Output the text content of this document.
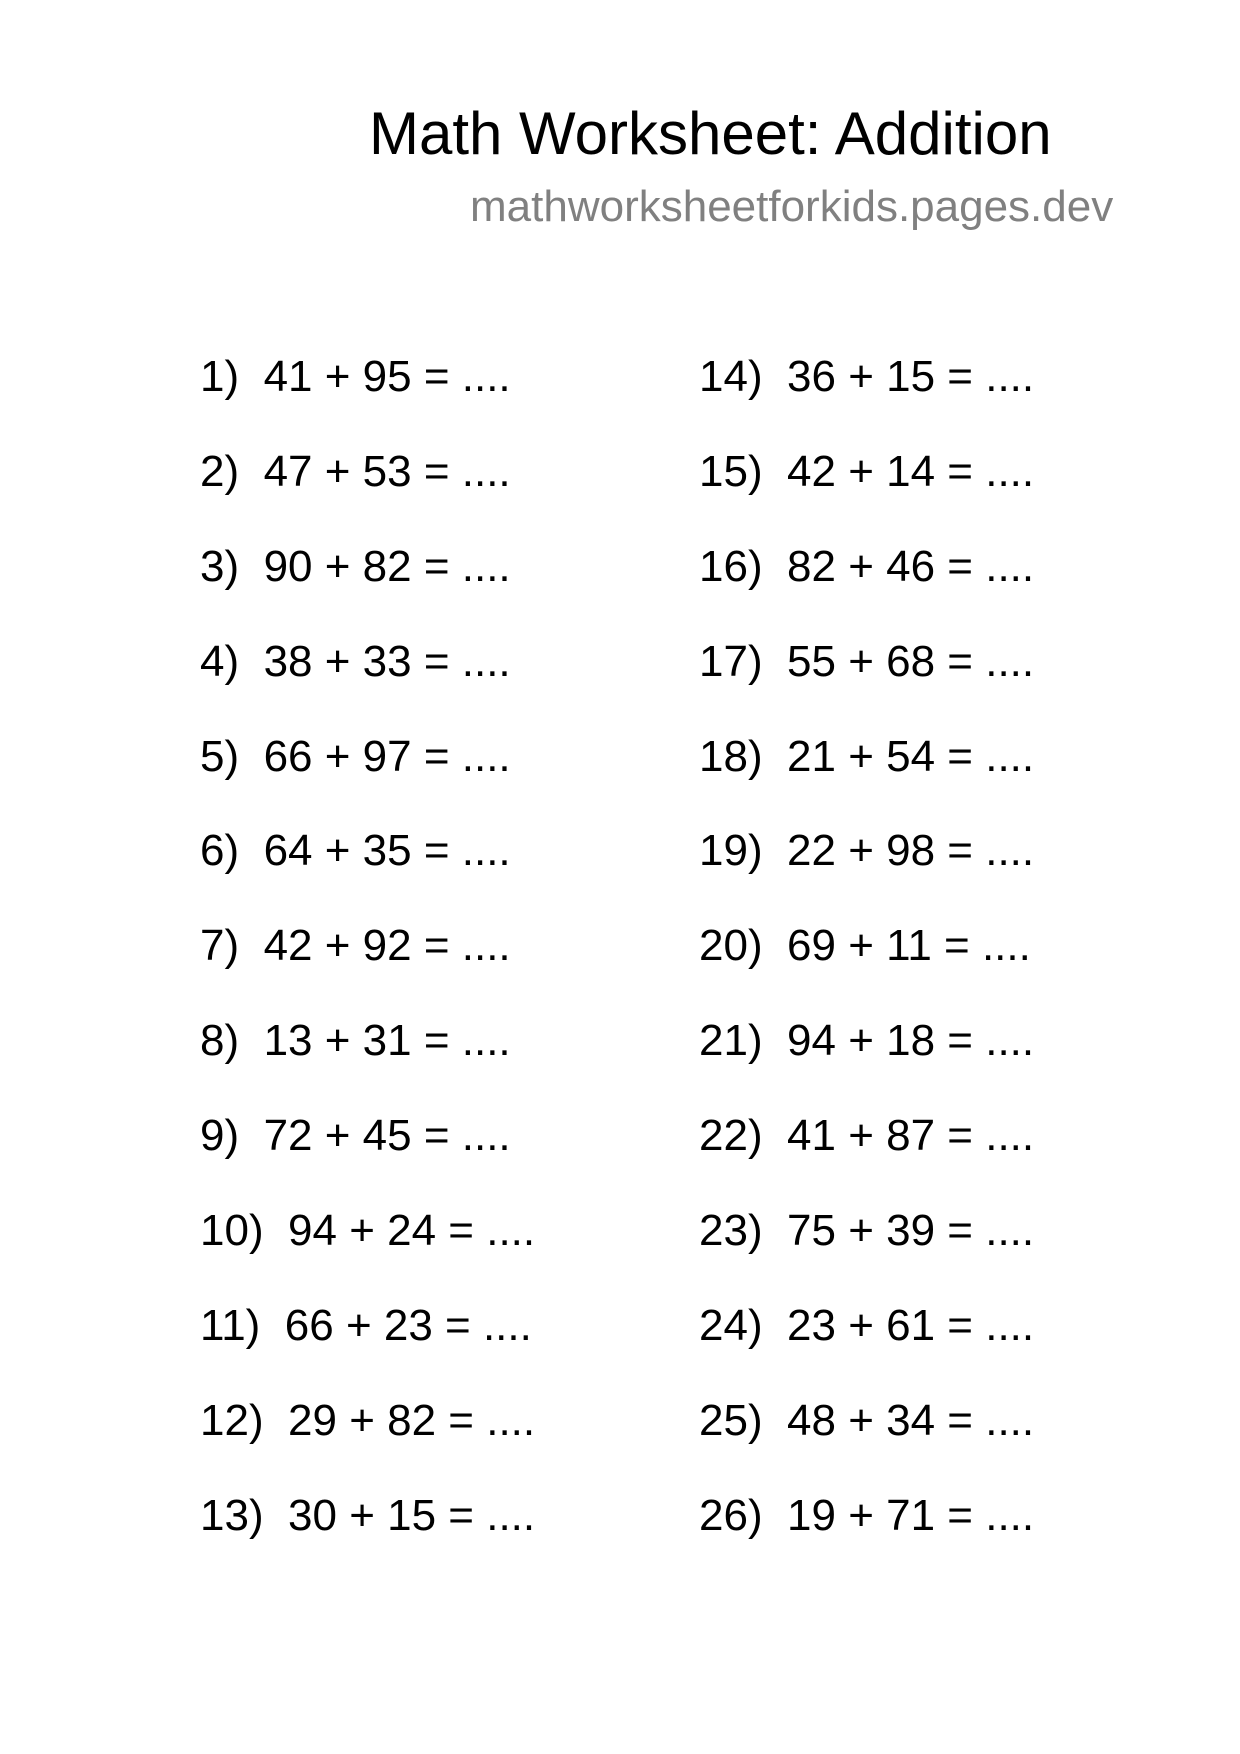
Math Worksheet: Addition
mathworksheetforkids.pages.dev
1) 41 + 95 = ....
2) 47 + 53 = ....
3) 90 + 82 = ....
4) 38 + 33 = ....
5) 66 + 97 = ....
6) 64 + 35 = ....
7) 42 + 92 = ....
8) 13 + 31 = ....
9) 72 + 45 = ....
10) 94 + 24 = ....
11) 66 + 23 = ....
12) 29 + 82 = ....
13) 30 + 15 = ....
14) 36 + 15 = ....
15) 42 + 14 = ....
16) 82 + 46 = ....
17) 55 + 68 = ....
18) 21 + 54 = ....
19) 22 + 98 = ....
20) 69 + 11 = ....
21) 94 + 18 = ....
22) 41 + 87 = ....
23) 75 + 39 = ....
24) 23 + 61 = ....
25) 48 + 34 = ....
26) 19 + 71 = ....
